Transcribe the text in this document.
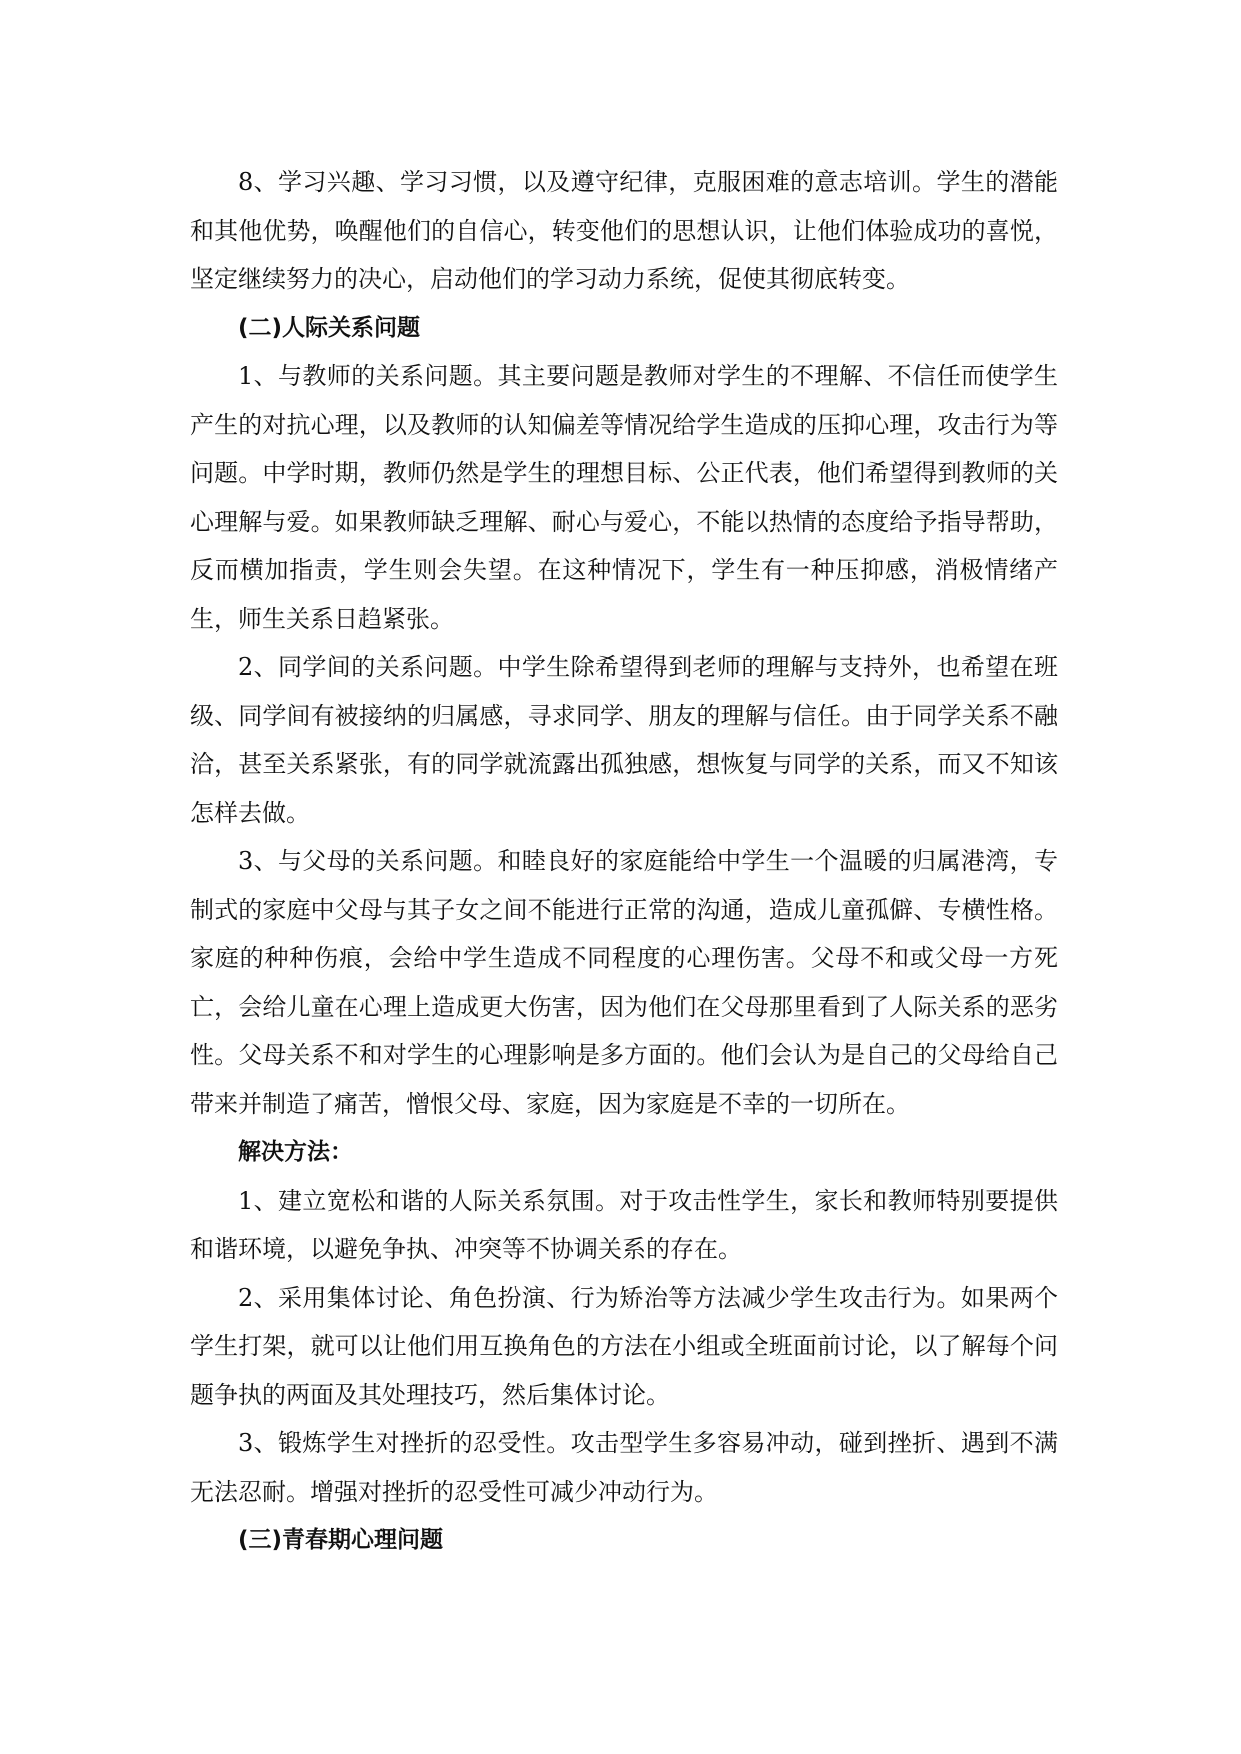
8、学习兴趣、学习习惯，以及遵守纪律，克服困难的意志培训。学生的潜能和其他优势，唤醒他们的自信心，转变他们的思想认识，让他们体验成功的喜悦，坚定继续努力的决心，启动他们的学习动力系统，促使其彻底转变。

(二)人际关系问题

1、与教师的关系问题。其主要问题是教师对学生的不理解、不信任而使学生产生的对抗心理，以及教师的认知偏差等情况给学生造成的压抑心理，攻击行为等问题。中学时期，教师仍然是学生的理想目标、公正代表，他们希望得到教师的关心理解与爱。如果教师缺乏理解、耐心与爱心，不能以热情的态度给予指导帮助，反而横加指责，学生则会失望。在这种情况下，学生有一种压抑感，消极情绪产生，师生关系日趋紧张。

2、同学间的关系问题。中学生除希望得到老师的理解与支持外，也希望在班级、同学间有被接纳的归属感，寻求同学、朋友的理解与信任。由于同学关系不融洽，甚至关系紧张，有的同学就流露出孤独感，想恢复与同学的关系，而又不知该怎样去做。

3、与父母的关系问题。和睦良好的家庭能给中学生一个温暖的归属港湾，专制式的家庭中父母与其子女之间不能进行正常的沟通，造成儿童孤僻、专横性格。家庭的种种伤痕，会给中学生造成不同程度的心理伤害。父母不和或父母一方死亡，会给儿童在心理上造成更大伤害，因为他们在父母那里看到了人际关系的恶劣性。父母关系不和对学生的心理影响是多方面的。他们会认为是自己的父母给自己带来并制造了痛苦，憎恨父母、家庭，因为家庭是不幸的一切所在。

解决方法：

1、建立宽松和谐的人际关系氛围。对于攻击性学生，家长和教师特别要提供和谐环境，以避免争执、冲突等不协调关系的存在。

2、采用集体讨论、角色扮演、行为矫治等方法减少学生攻击行为。如果两个学生打架，就可以让他们用互换角色的方法在小组或全班面前讨论，以了解每个问题争执的两面及其处理技巧，然后集体讨论。

3、锻炼学生对挫折的忍受性。攻击型学生多容易冲动，碰到挫折、遇到不满无法忍耐。增强对挫折的忍受性可减少冲动行为。

(三)青春期心理问题
